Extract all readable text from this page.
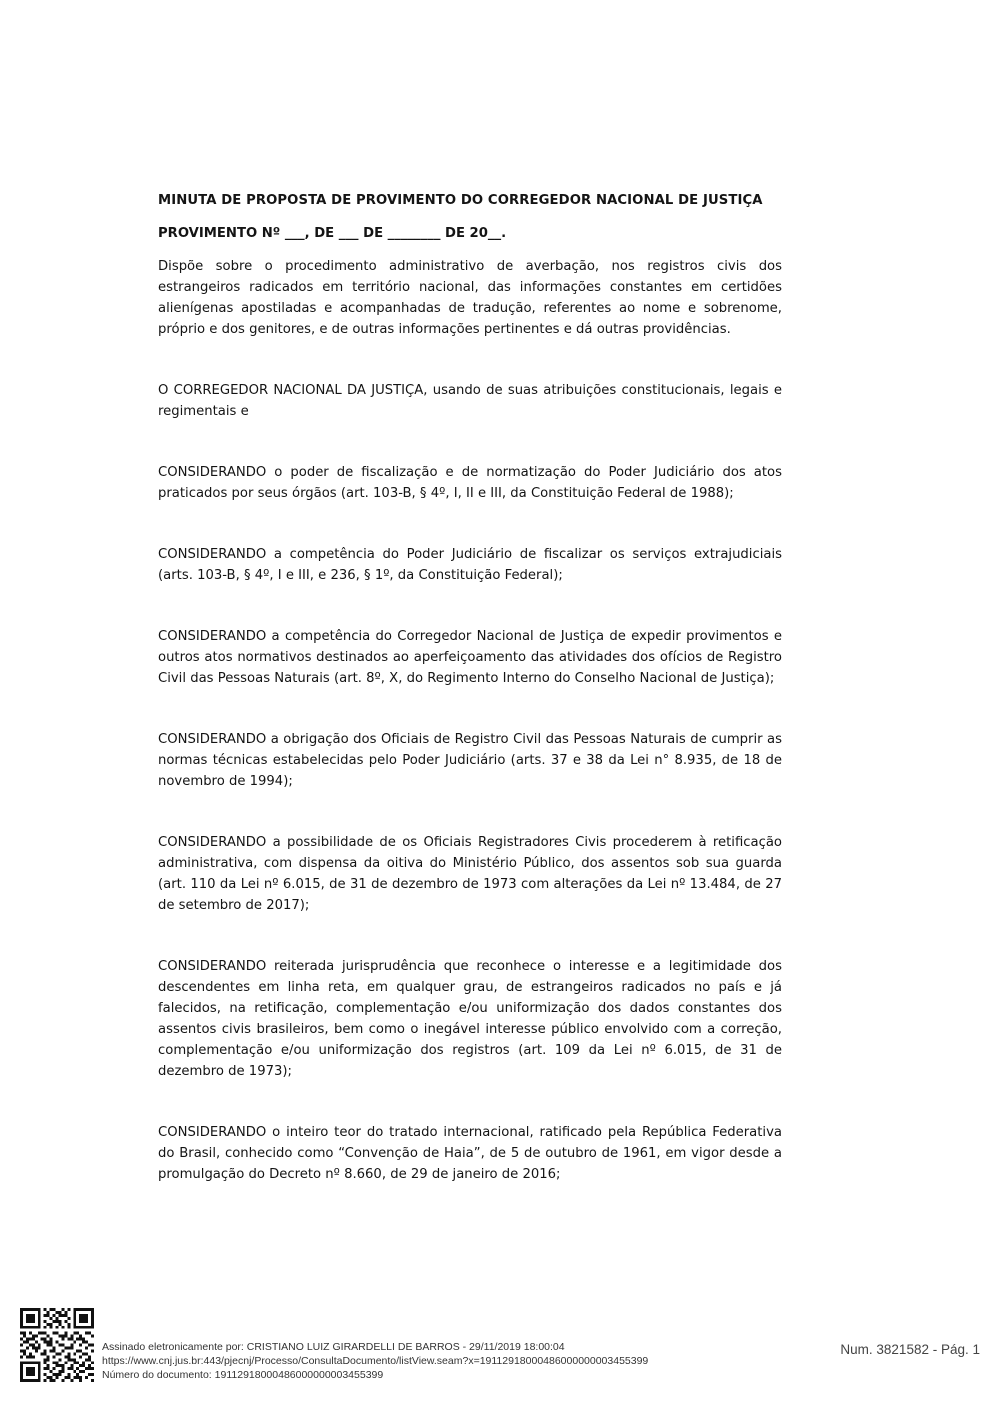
MINUTA DE PROPOSTA DE PROVIMENTO DO CORREGEDOR NACIONAL DE JUSTIÇA
PROVIMENTO Nº ___, DE ___ DE ________ DE 20__.

Dispõe sobre o procedimento administrativo de averbação, nos registros civis dos estrangeiros radicados em território nacional, das informações constantes em certidões alienígenas apostiladas e acompanhadas de tradução, referentes ao nome e sobrenome, próprio e dos genitores, e de outras informações pertinentes e dá outras providências.

O CORREGEDOR NACIONAL DA JUSTIÇA, usando de suas atribuições constitucionais, legais e regimentais e

CONSIDERANDO o poder de fiscalização e de normatização do Poder Judiciário dos atos praticados por seus órgãos (art. 103-B, § 4º, I, II e III, da Constituição Federal de 1988);

CONSIDERANDO a competência do Poder Judiciário de fiscalizar os serviços extrajudiciais (arts. 103-B, § 4º, I e III, e 236, § 1º, da Constituição Federal);

CONSIDERANDO a competência do Corregedor Nacional de Justiça de expedir provimentos e outros atos normativos destinados ao aperfeiçoamento das atividades dos ofícios de Registro Civil das Pessoas Naturais (art. 8º, X, do Regimento Interno do Conselho Nacional de Justiça);

CONSIDERANDO a obrigação dos Oficiais de Registro Civil das Pessoas Naturais de cumprir as normas técnicas estabelecidas pelo Poder Judiciário (arts. 37 e 38 da Lei n° 8.935, de 18 de novembro de 1994);

CONSIDERANDO a possibilidade de os Oficiais Registradores Civis procederem à retificação administrativa, com dispensa da oitiva do Ministério Público, dos assentos sob sua guarda (art. 110 da Lei nº 6.015, de 31 de dezembro de 1973 com alterações da Lei nº 13.484, de 27 de setembro de 2017);

CONSIDERANDO reiterada jurisprudência que reconhece o interesse e a legitimidade dos descendentes em linha reta, em qualquer grau, de estrangeiros radicados no país e já falecidos, na retificação, complementação e/ou uniformização dos dados constantes dos assentos civis brasileiros, bem como o inegável interesse público envolvido com a correção, complementação e/ou uniformização dos registros (art. 109 da Lei nº 6.015, de 31 de dezembro de 1973);

CONSIDERANDO o inteiro teor do tratado internacional, ratificado pela República Federativa do Brasil, conhecido como “Convenção de Haia”, de 5 de outubro de 1961, em vigor desde a promulgação do Decreto nº 8.660, de 29 de janeiro de 2016;

Assinado eletronicamente por: CRISTIANO LUIZ GIRARDELLI DE BARROS - 29/11/2019 18:00:04
https://www.cnj.jus.br:443/pjecnj/Processo/ConsultaDocumento/listView.seam?x=19112918000486000000003455399
Número do documento: 19112918000486000000003455399
Num. 3821582 - Pág. 1
